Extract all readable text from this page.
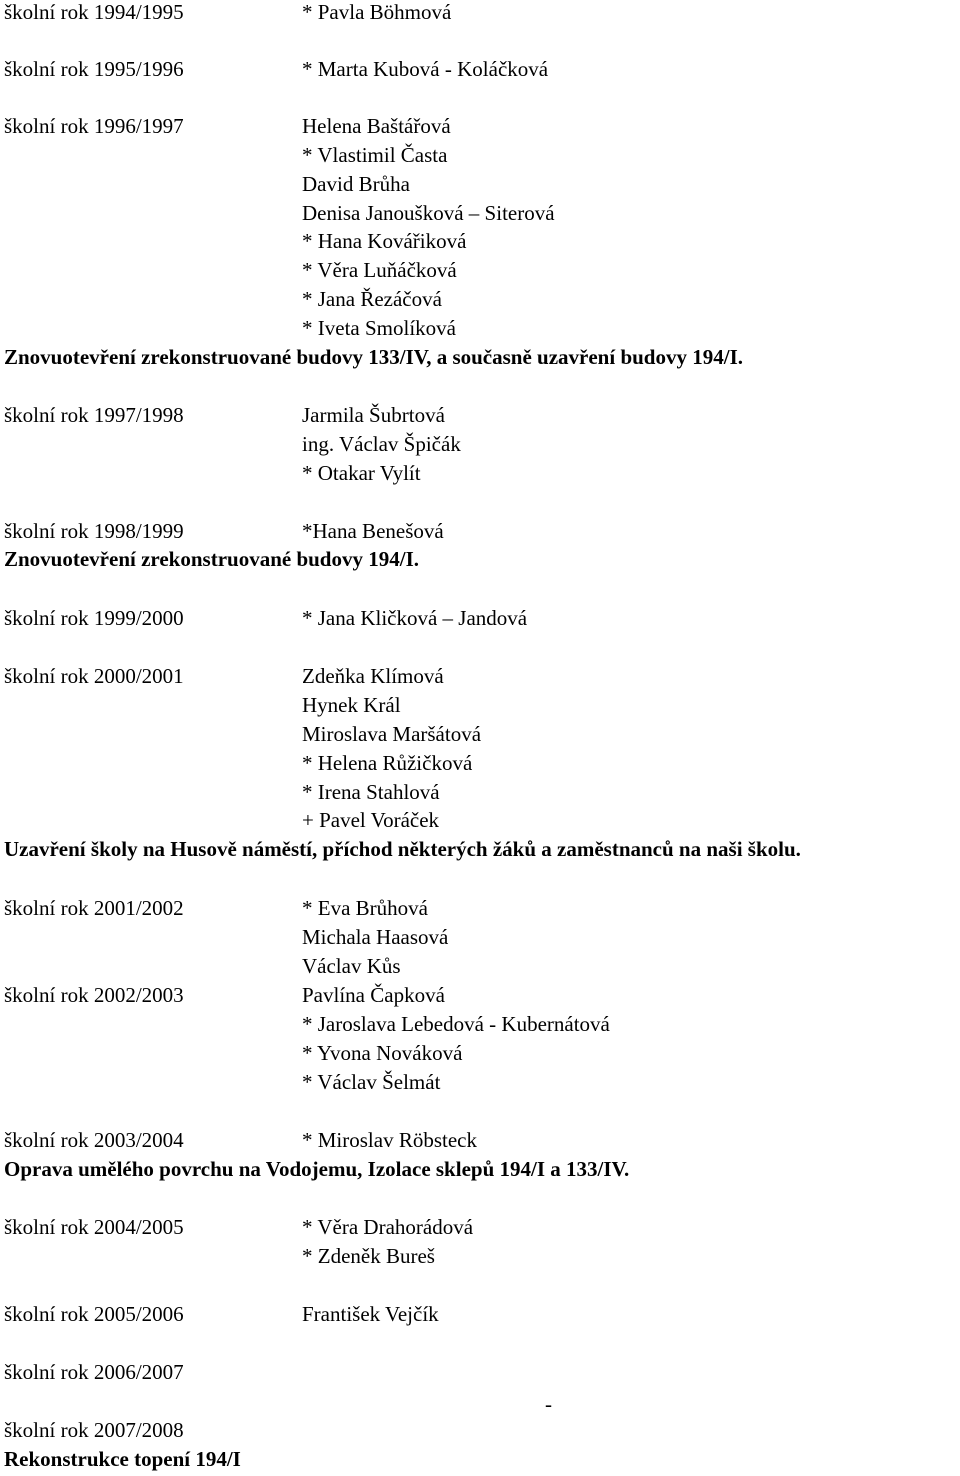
školní rok 1994/1995	* Pavla Böhmová
školní rok 1995/1996	* Marta Kubová - Koláčková
školní rok 1996/1997	Helena Baštářová
* Vlastimil Časta
David Brůha
Denisa Janoušková – Siterová
* Hana Kovářiková
* Věra Luňáčková
* Jana Řezáčová
* Iveta Smolíková
Znovuotevření zrekonstruované budovy 133/IV, a současně uzavření budovy 194/I.
školní rok 1997/1998	Jarmila Šubrtová
ing. Václav Špičák
* Otakar Vylít
školní rok 1998/1999	*Hana Benešová
Znovuotevření zrekonstruované budovy 194/I.
školní rok 1999/2000	* Jana Kličková – Jandová
školní rok 2000/2001	Zdeňka Klímová
Hynek Král
Miroslava Maršátová
* Helena Růžičková
* Irena Stahlová
+ Pavel Voráček
Uzavření školy na Husově náměstí, příchod některých žáků a zaměstnanců na naši školu.
školní rok 2001/2002	* Eva Brůhová
Michala Haasová
Václav Kůs
školní rok 2002/2003	Pavlína Čapková
* Jaroslava Lebedová - Kubernátová
* Yvona Nováková
* Václav Šelmát
školní rok 2003/2004	* Miroslav Röbsteck
Oprava umělého povrchu na Vodojemu, Izolace sklepů 194/I a 133/IV.
školní rok 2004/2005	* Věra Drahorádová
* Zdeněk Bureš
školní rok 2005/2006	František Vejčík
školní rok 2006/2007
-
školní rok 2007/2008
Rekonstrukce topení 194/I
